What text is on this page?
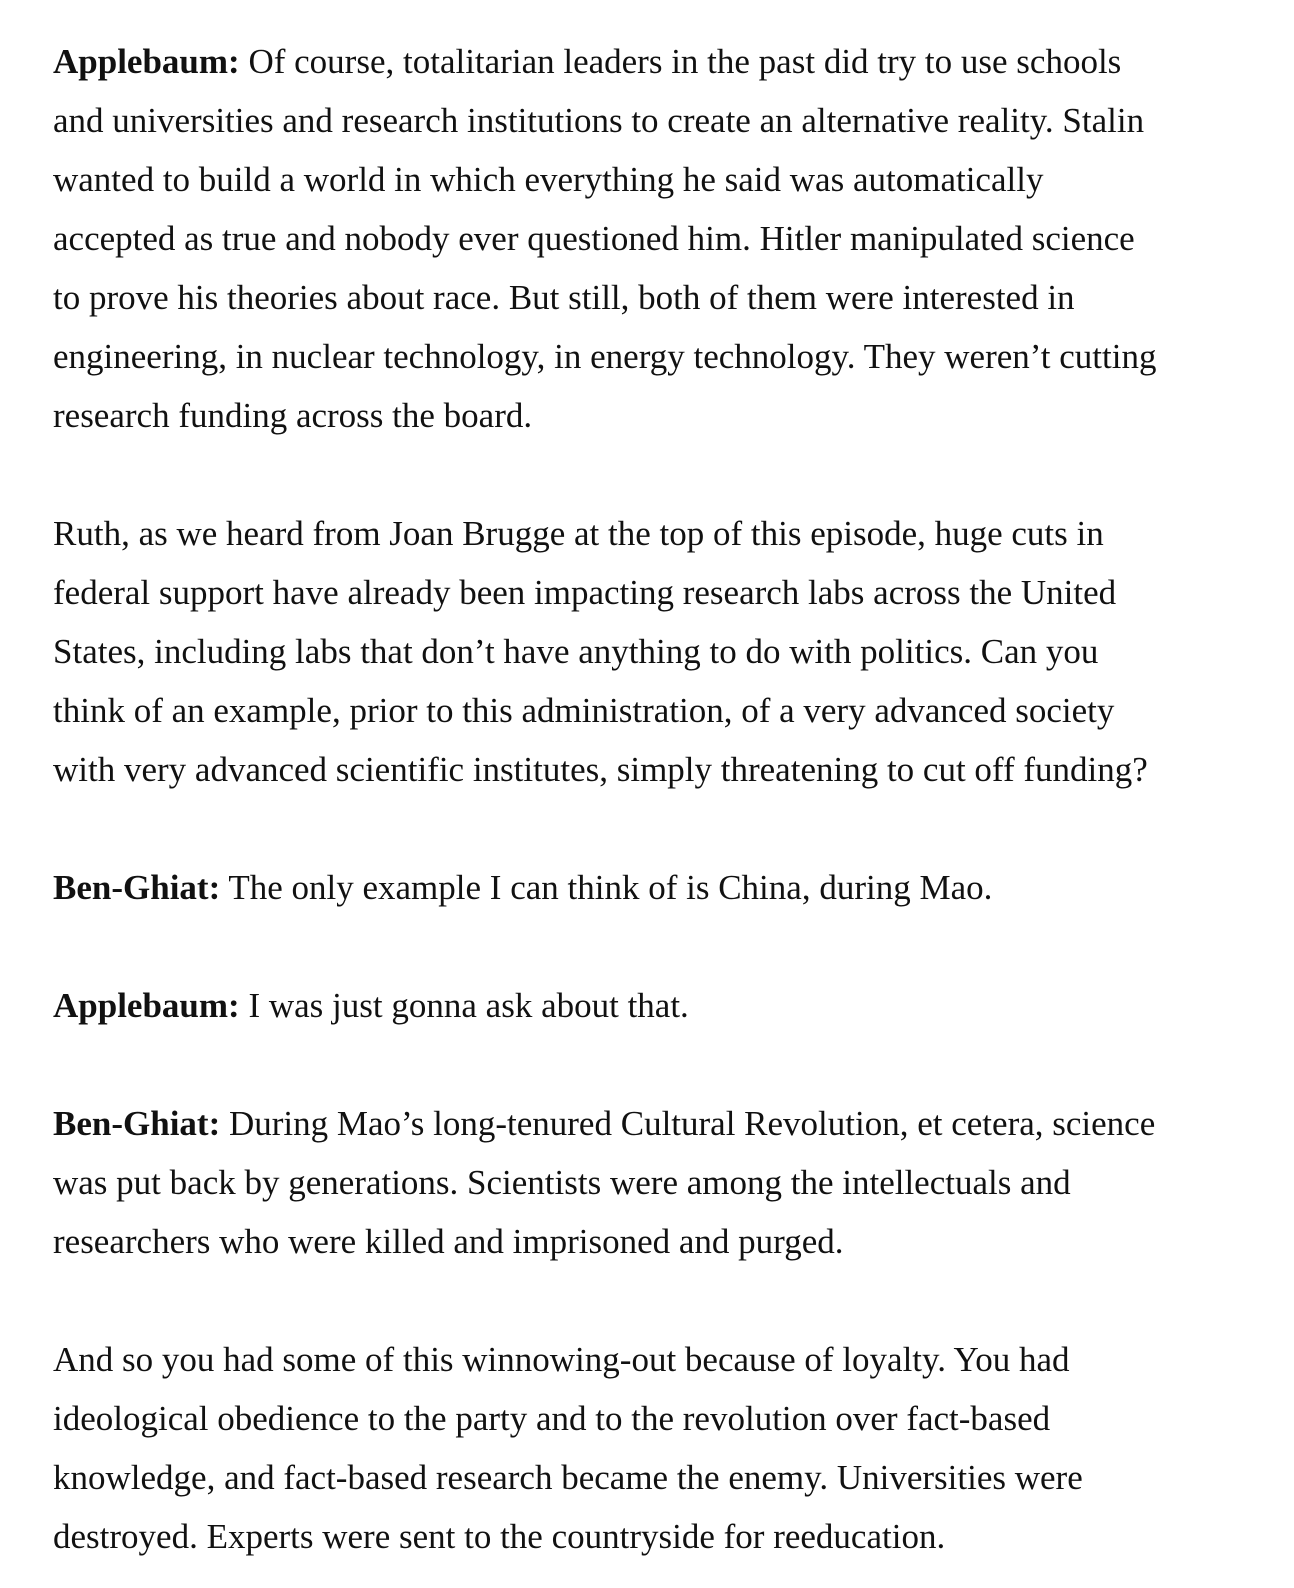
Applebaum: Of course, totalitarian leaders in the past did try to use schools
and universities and research institutions to create an alternative reality. Stalin
wanted to build a world in which everything he said was automatically
accepted as true and nobody ever questioned him. Hitler manipulated science
to prove his theories about race. But still, both of them were interested in
engineering, in nuclear technology, in energy technology. They weren’t cutting
research funding across the board.

Ruth, as we heard from Joan Brugge at the top of this episode, huge cuts in
federal support have already been impacting research labs across the United
States, including labs that don’t have anything to do with politics. Can you
think of an example, prior to this administration, of a very advanced society
with very advanced scientific institutes, simply threatening to cut off funding?

Ben-Ghiat: The only example I can think of is China, during Mao.

Applebaum: I was just gonna ask about that.

Ben-Ghiat: During Mao’s long-tenured Cultural Revolution, et cetera, science
was put back by generations. Scientists were among the intellectuals and
researchers who were killed and imprisoned and purged.

And so you had some of this winnowing-out because of loyalty. You had
ideological obedience to the party and to the revolution over fact-based
knowledge, and fact-based research became the enemy. Universities were
destroyed. Experts were sent to the countryside for reeducation.
